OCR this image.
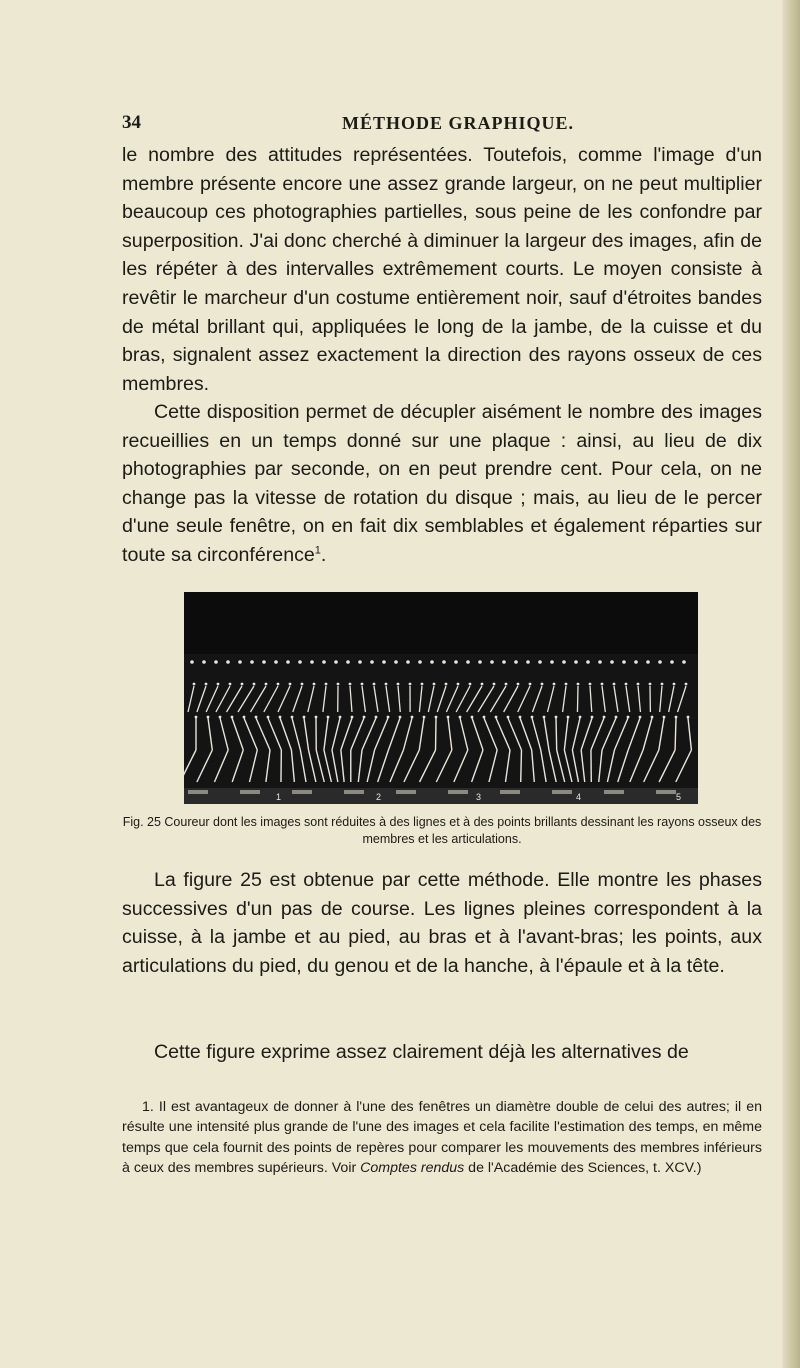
34	MÉTHODE GRAPHIQUE.

le nombre des attitudes représentées. Toutefois, comme l'image d'un membre présente encore une assez grande largeur, on ne peut multiplier beaucoup ces photographies partielles, sous peine de les confondre par superposition. J'ai donc cherché à diminuer la largeur des images, afin de les répéter à des intervalles extrêmement courts. Le moyen consiste à revêtir le marcheur d'un costume entièrement noir, sauf d'étroites bandes de métal brillant qui, appliquées le long de la jambe, de la cuisse et du bras, signalent assez exactement la direction des rayons osseux de ces membres.

Cette disposition permet de décupler aisément le nombre des images recueillies en un temps donné sur une plaque : ainsi, au lieu de dix photographies par seconde, on en peut prendre cent. Pour cela, on ne change pas la vitesse de rotation du disque ; mais, au lieu de le percer d'une seule fenêtre, on en fait dix semblables et également réparties sur toute sa circonférence$^1$.

1	2	3	4	5

Fig. 25 Coureur dont les images sont réduites à des lignes et à des points brillants dessinant les rayons osseux des membres et les articulations.

La figure 25 est obtenue par cette méthode. Elle montre les phases successives d'un pas de course. Les lignes pleines correspondent à la cuisse, à la jambe et au pied, au bras et à l'avant-bras; les points, aux articulations du pied, du genou et de la hanche, à l'épaule et à la tête.

Cette figure exprime assez clairement déjà les alternatives de

1. Il est avantageux de donner à l'une des fenêtres un diamètre double de celui des autres; il en résulte une intensité plus grande de l'une des images et cela facilite l'estimation des temps, en même temps que cela fournit des points de repères pour comparer les mouvements des membres inférieurs à ceux des membres supérieurs. Voir Comptes rendus de l'Académie des Sciences, t. XCV.)
